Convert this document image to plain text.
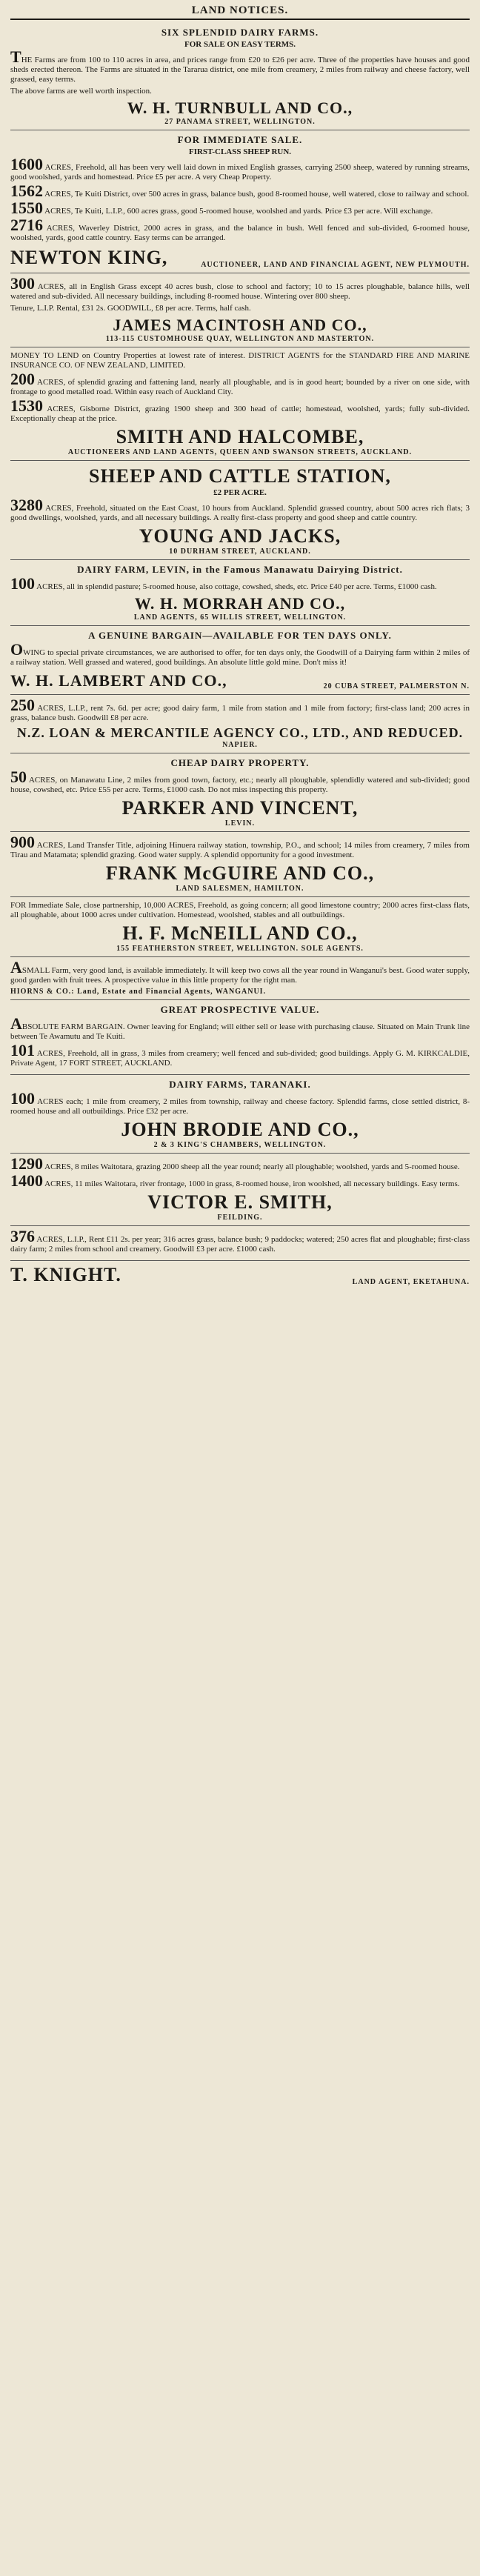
LAND NOTICES.
SIX SPLENDID DAIRY FARMS.
FOR SALE ON EASY TERMS.
THE Farms are from 100 to 110 acres in area, and prices range from £20 to £26 per acre. Three of the properties have houses and good sheds erected thereon. The Farms are situated in the Tararua district, one mile from creamery, 2 miles from railway and cheese factory, well grassed, easy terms.
The above farms are well worth inspection.
W. H. TURNBULL AND CO.,
27 PANAMA STREET, WELLINGTON.
FOR IMMEDIATE SALE.
FIRST-CLASS SHEEP RUN.
1600 ACRES, Freehold, all has been very well laid down in mixed English grasses, carrying 2500 sheep, watered by running streams, good woolshed, yards and homestead. Price £5 per acre. A very Cheap Property.
1562 ACRES, Te Kuiti District, over 500 acres in grass, balance bush, good 8-roomed house, well watered, close to railway and school.
1550 ACRES, Te Kuiti, L.I.P., 600 acres grass, good 5-roomed house, woolshed and yards. Price £3 per acre. Will exchange.
2716 ACRES, Waverley District, 2000 acres in grass, and the balance in bush. Well fenced and sub-divided, 6-roomed house, woolshed, yards, good cattle country. Easy terms can be arranged.
NEWTON KING,	AUCTIONEER, LAND AND FINANCIAL AGENT, NEW PLYMOUTH.
300 ACRES, all in English Grass except 40 acres bush, close to school and factory; 10 to 15 acres ploughable, balance hills, well watered and sub-divided. All necessary buildings, including 8-roomed house. Wintering over 800 sheep.
Tenure, L.I.P. Rental, £31 2s. GOODWILL, £8 per acre. Terms, half cash.
JAMES MACINTOSH AND CO.,
113-115 CUSTOMHOUSE QUAY, WELLINGTON AND MASTERTON.
MONEY TO LEND on Country Properties at lowest rate of interest. DISTRICT AGENTS for the STANDARD FIRE AND MARINE INSURANCE CO. OF NEW ZEALAND, LIMITED.
200 ACRES, of splendid grazing and fattening land, nearly all ploughable, and is in good heart; bounded by a river on one side, with frontage to good metalled road. Within easy reach of Auckland City.
1530 ACRES, Gisborne District, grazing 1900 sheep and 300 head of cattle; homestead, woolshed, yards; fully sub-divided. Exceptionally cheap at the price.
SMITH AND HALCOMBE,
AUCTIONEERS AND LAND AGENTS, QUEEN AND SWANSON STREETS, AUCKLAND.
SHEEP AND CATTLE STATION,
£2 PER ACRE.
3280 ACRES, Freehold, situated on the East Coast, 10 hours from Auckland. Splendid grassed country, about 500 acres rich flats; 3 good dwellings, woolshed, yards, and all necessary buildings. A really first-class property and good sheep and cattle country.
YOUNG AND JACKS,
10 DURHAM STREET, AUCKLAND.
DAIRY FARM, LEVIN, in the Famous Manawatu Dairying District.
100 ACRES, all in splendid pasture; 5-roomed house, also cottage, cowshed, sheds, etc. Price £40 per acre. Terms, £1000 cash.
W. H. MORRAH AND CO.,
LAND AGENTS, 65 WILLIS STREET, WELLINGTON.
A GENUINE BARGAIN—AVAILABLE FOR TEN DAYS ONLY.
OWING to special private circumstances, we are authorised to offer, for ten days only, the Goodwill of a Dairying farm within 2 miles of a railway station. Well grassed and watered, good buildings. An absolute little gold mine. Don't miss it!
W. H. LAMBERT AND CO.,	20 CUBA STREET, PALMERSTON N.
250 ACRES, L.I.P., rent 7s. 6d. per acre; good dairy farm, 1 mile from station and 1 mile from factory; first-class land; 200 acres in grass, balance bush. Goodwill £8 per acre.
N.Z. LOAN & MERCANTILE AGENCY CO., LTD., AND REDUCED.
NAPIER.
CHEAP DAIRY PROPERTY.
50 ACRES, on Manawatu Line, 2 miles from good town, factory, etc.; nearly all ploughable, splendidly watered and sub-divided; good house, cowshed, etc. Price £55 per acre. Terms, £1000 cash. Do not miss inspecting this property.
PARKER AND VINCENT,
LEVIN.
900 ACRES, Land Transfer Title, adjoining Hinuera railway station, township, P.O., and school; 14 miles from creamery, 7 miles from Tirau and Matamata; splendid grazing. Good water supply. A splendid opportunity for a good investment.
FRANK McGUIRE AND CO.,
LAND SALESMEN, HAMILTON.
FOR Immediate Sale, close partnership, 10,000 ACRES, Freehold, as going concern; all good limestone country; 2000 acres first-class flats, all ploughable, about 1000 acres under cultivation. Homestead, woolshed, stables and all outbuildings.
H. F. McNEILL AND CO.,
155 FEATHERSTON STREET, WELLINGTON. SOLE AGENTS.
ASMALL Farm, very good land, is available immediately. It will keep two cows all the year round in Wanganui's best. Good water supply, good garden with fruit trees. A prospective value in this little property for the right man.
HIORNS & CO.: Land, Estate and Financial Agents, WANGANUI.
GREAT PROSPECTIVE VALUE.
ABSOLUTE FARM BARGAIN. Owner leaving for England; will either sell or lease with purchasing clause. Situated on Main Trunk line between Te Awamutu and Te Kuiti.
101 ACRES, Freehold, all in grass, 3 miles from creamery; well fenced and sub-divided; good buildings. Apply G. M. KIRKCALDIE, Private Agent, 17 FORT STREET, AUCKLAND.
DAIRY FARMS, TARANAKI.
100 ACRES each; 1 mile from creamery, 2 miles from township, railway and cheese factory. Splendid farms, close settled district, 8-roomed house and all outbuildings. Price £32 per acre.
JOHN BRODIE AND CO.,
2 & 3 KING'S CHAMBERS, WELLINGTON.
1290 ACRES, 8 miles Waitotara, grazing 2000 sheep all the year round; nearly all ploughable; woolshed, yards and 5-roomed house.
1400 ACRES, 11 miles Waitotara, river frontage, 1000 in grass, 8-roomed house, iron woolshed, all necessary buildings. Easy terms.
VICTOR E. SMITH,
FEILDING.
376 ACRES, L.I.P., Rent £11 2s. per year; 316 acres grass, balance bush; 9 paddocks; watered; 250 acres flat and ploughable; first-class dairy farm; 2 miles from school and creamery. Goodwill £3 per acre. £1000 cash.
T. KNIGHT.	LAND AGENT, EKETAHUNA.
